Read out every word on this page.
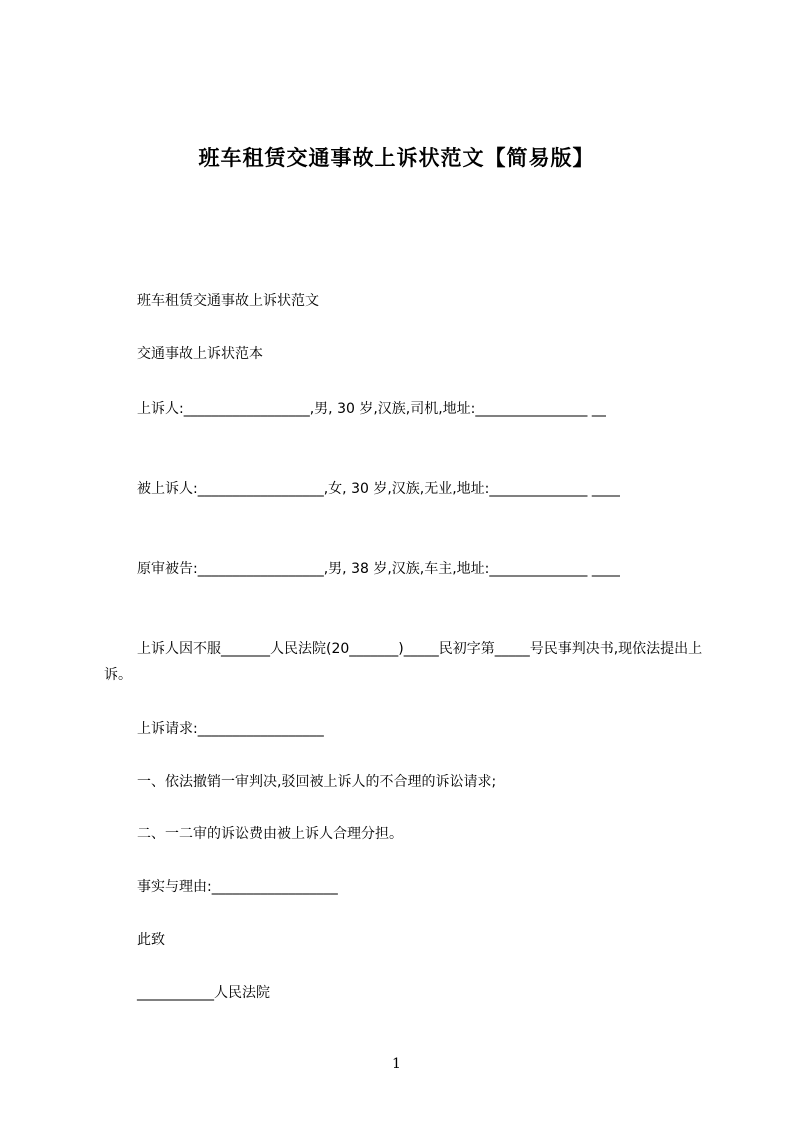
班车租赁交通事故上诉状范文【简易版】
班车租赁交通事故上诉状范文
交通事故上诉状范本
上诉人:__________________,男, 30 岁,汉族,司机,地址:________________ __
被上诉人:__________________,女, 30 岁,汉族,无业,地址:______________ ____
原审被告:__________________,男, 38 岁,汉族,车主,地址:______________ ____
上诉人因不服_______人民法院(20_______)_____民初字第_____号民事判决书,现依法提出上诉。
上诉请求:__________________
一、依法撤销一审判决,驳回被上诉人的不合理的诉讼请求;
二、一二审的诉讼费由被上诉人合理分担。
事实与理由:__________________
此致
___________人民法院
1
